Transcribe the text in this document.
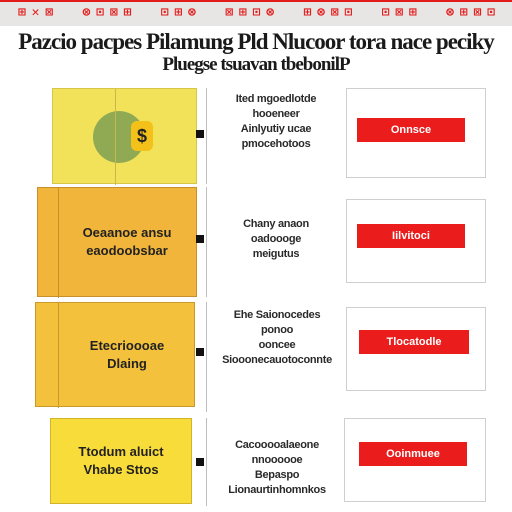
⊞ ✕ ⊠ ⊗ ⊡ ⊠ ⊞ ⊡ ⊞ ⊗ ⊠ ⊞ ⊡ ⊗ ⊞ ⊗ ⊠ ⊡ ⊡ ⊠ ⊞ ⊗ ⊞ ⊠ ⊡
Pazcio pacpes Pilamung Pld Nlucoor tora nace peciky
Pluegse tsuavan tbebonilP
$
Ited mgoedlotde
hooeneer
Ainlyutiy ucae
pmocehotoos
Onnsce
Oeaanoe ansu
eaodoobsbar
Chany anaon
oadoooge
meigutus
Iilvitoci
Etecrioooae
Dlaing
Ehe Saionocedes
ponoo
ooncee
Siooonecauotoconnte
Tlocatodle
Ttodum aluict
Vhabe Sttos
Cacooooalaeone
nnoooooe
Bepaspo
Lionaurtinhomnkos
Ooinmuee
